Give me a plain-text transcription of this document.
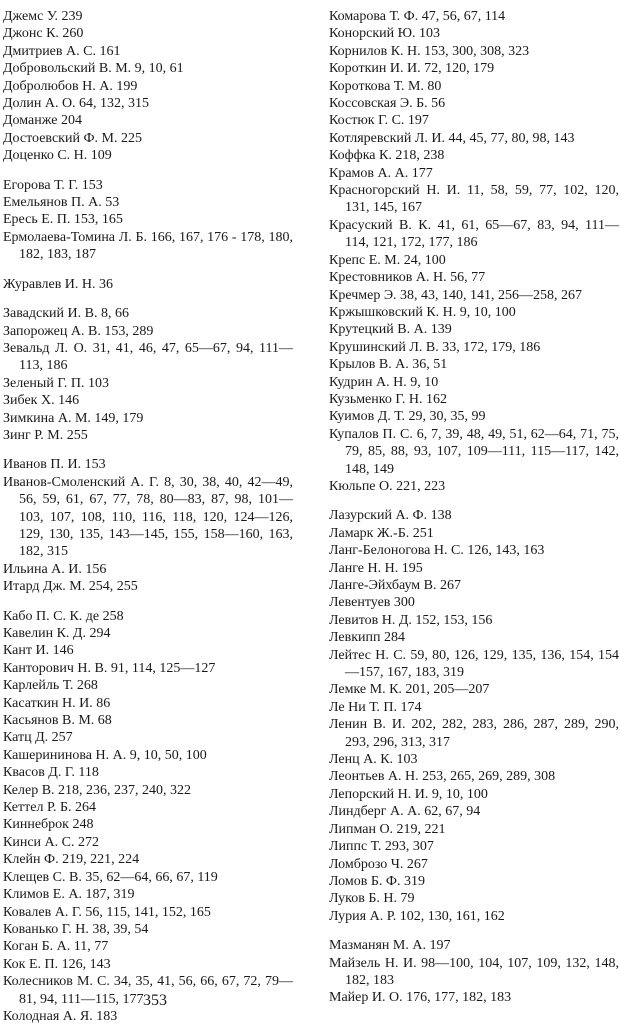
Джемс У. 239

Джонс К. 260

Дмитриев А. С. 161

Добровольский В. М. 9, 10, 61

Добролюбов Н. А. 199

Долин А. О. 64, 132, 315

Доманже 204

Достоевский Ф. М. 225

Доценко С. Н. 109

Егорова Т. Г. 153

Емельянов П. А. 53

Ересь Е. П. 153, 165

Ермолаева-Томина Л. Б. 166, 167, 176 - 178, 180, 182, 183, 187

Журавлев И. Н. 36

Завадский И. В. 8, 66

Запорожец А. В. 153, 289

Зевальд Л. О. 31, 41, 46, 47, 65—67, 94, 111—113, 186

Зеленый Г. П. 103

Зибек Х. 146

Зимкина А. М. 149, 179

Зинг Р. М. 255

Иванов П. И. 153

Иванов-Смоленский А. Г. 8, 30, 38, 40, 42—49, 56, 59, 61, 67, 77, 78, 80—83, 87, 98, 101—103, 107, 108, 110, 116, 118, 120, 124—126, 129, 130, 135, 143—145, 155, 158—160, 163, 182, 315

Ильина А. И. 156

Итард Дж. М. 254, 255

Кабо П. С. К. де 258

Кавелин К. Д. 294

Кант И. 146

Канторович Н. В. 91, 114, 125—127

Карлейль Т. 268

Касаткин Н. И. 86

Касьянов В. М. 68

Катц Д. 257

Кашерининова Н. А. 9, 10, 50, 100

Квасов Д. Г. 118

Келер В. 218, 236, 237, 240, 322

Кеттел Р. Б. 264

Киннеброк 248

Кинси А. С. 272

Клейн Ф. 219, 221, 224

Клещев С. В. 35, 62—64, 66, 67, 119

Климов Е. А. 187, 319

Ковалев А. Г. 56, 115, 141, 152, 165

Кованько Г. Н. 38, 39, 54

Коган Б. А. 11, 77

Кок Е. П. 126, 143

Колесников М. С. 34, 35, 41, 56, 66, 67, 72, 79—81, 94, 111—115, 177

Колодная А. Я. 183

Комарова Т. Ф. 47, 56, 67, 114

Конорский Ю. 103

Корнилов К. Н. 153, 300, 308, 323

Короткин И. И. 72, 120, 179

Короткова Т. М. 80

Коссовская Э. Б. 56

Костюк Г. С. 197

Котляревский Л. И. 44, 45, 77, 80, 98, 143

Коффка К. 218, 238

Крамов А. А. 177

Красногорский Н. И. 11, 58, 59, 77, 102, 120, 131, 145, 167

Красуский В. К. 41, 61, 65—67, 83, 94, 111—114, 121, 172, 177, 186

Крепс Е. М. 24, 100

Крестовников А. Н. 56, 77

Кречмер Э. 38, 43, 140, 141, 256—258, 267

Кржышковский К. Н. 9, 10, 100

Крутецкий В. А. 139

Крушинский Л. В. 33, 172, 179, 186

Крылов В. А. 36, 51

Кудрин А. Н. 9, 10

Кузьменко Г. Н. 162

Куимов Д. Т. 29, 30, 35, 99

Купалов П. С. 6, 7, 39, 48, 49, 51, 62—64, 71, 75, 79, 85, 88, 93, 107, 109—111, 115—117, 142, 148, 149

Кюльпе О. 221, 223

Лазурский А. Ф. 138

Ламарк Ж.-Б. 251

Ланг-Белоногова Н. С. 126, 143, 163

Ланге Н. Н. 195

Ланге-Эйхбаум В. 267

Левентуев 300

Левитов Н. Д. 152, 153, 156

Левкипп 284

Лейтес Н. С. 59, 80, 126, 129, 135, 136, 154, 154—157, 167, 183, 319

Лемке М. К. 201, 205—207

Ле Ни Т. П. 174

Ленин В. И. 202, 282, 283, 286, 287, 289, 290, 293, 296, 313, 317

Ленц А. К. 103

Леонтьев А. Н. 253, 265, 269, 289, 308

Лепорский Н. И. 9, 10, 100

Линдберг А. А. 62, 67, 94

Липман О. 219, 221

Липпс Т. 293, 307

Ломброзо Ч. 267

Ломов Б. Ф. 319

Луков Б. Н. 79

Лурия А. Р. 102, 130, 161, 162

Мазманян М. А. 197

Майзель Н. И. 98—100, 104, 107, 109, 132, 148, 182, 183

Майер И. О. 176, 177, 182, 183

353
